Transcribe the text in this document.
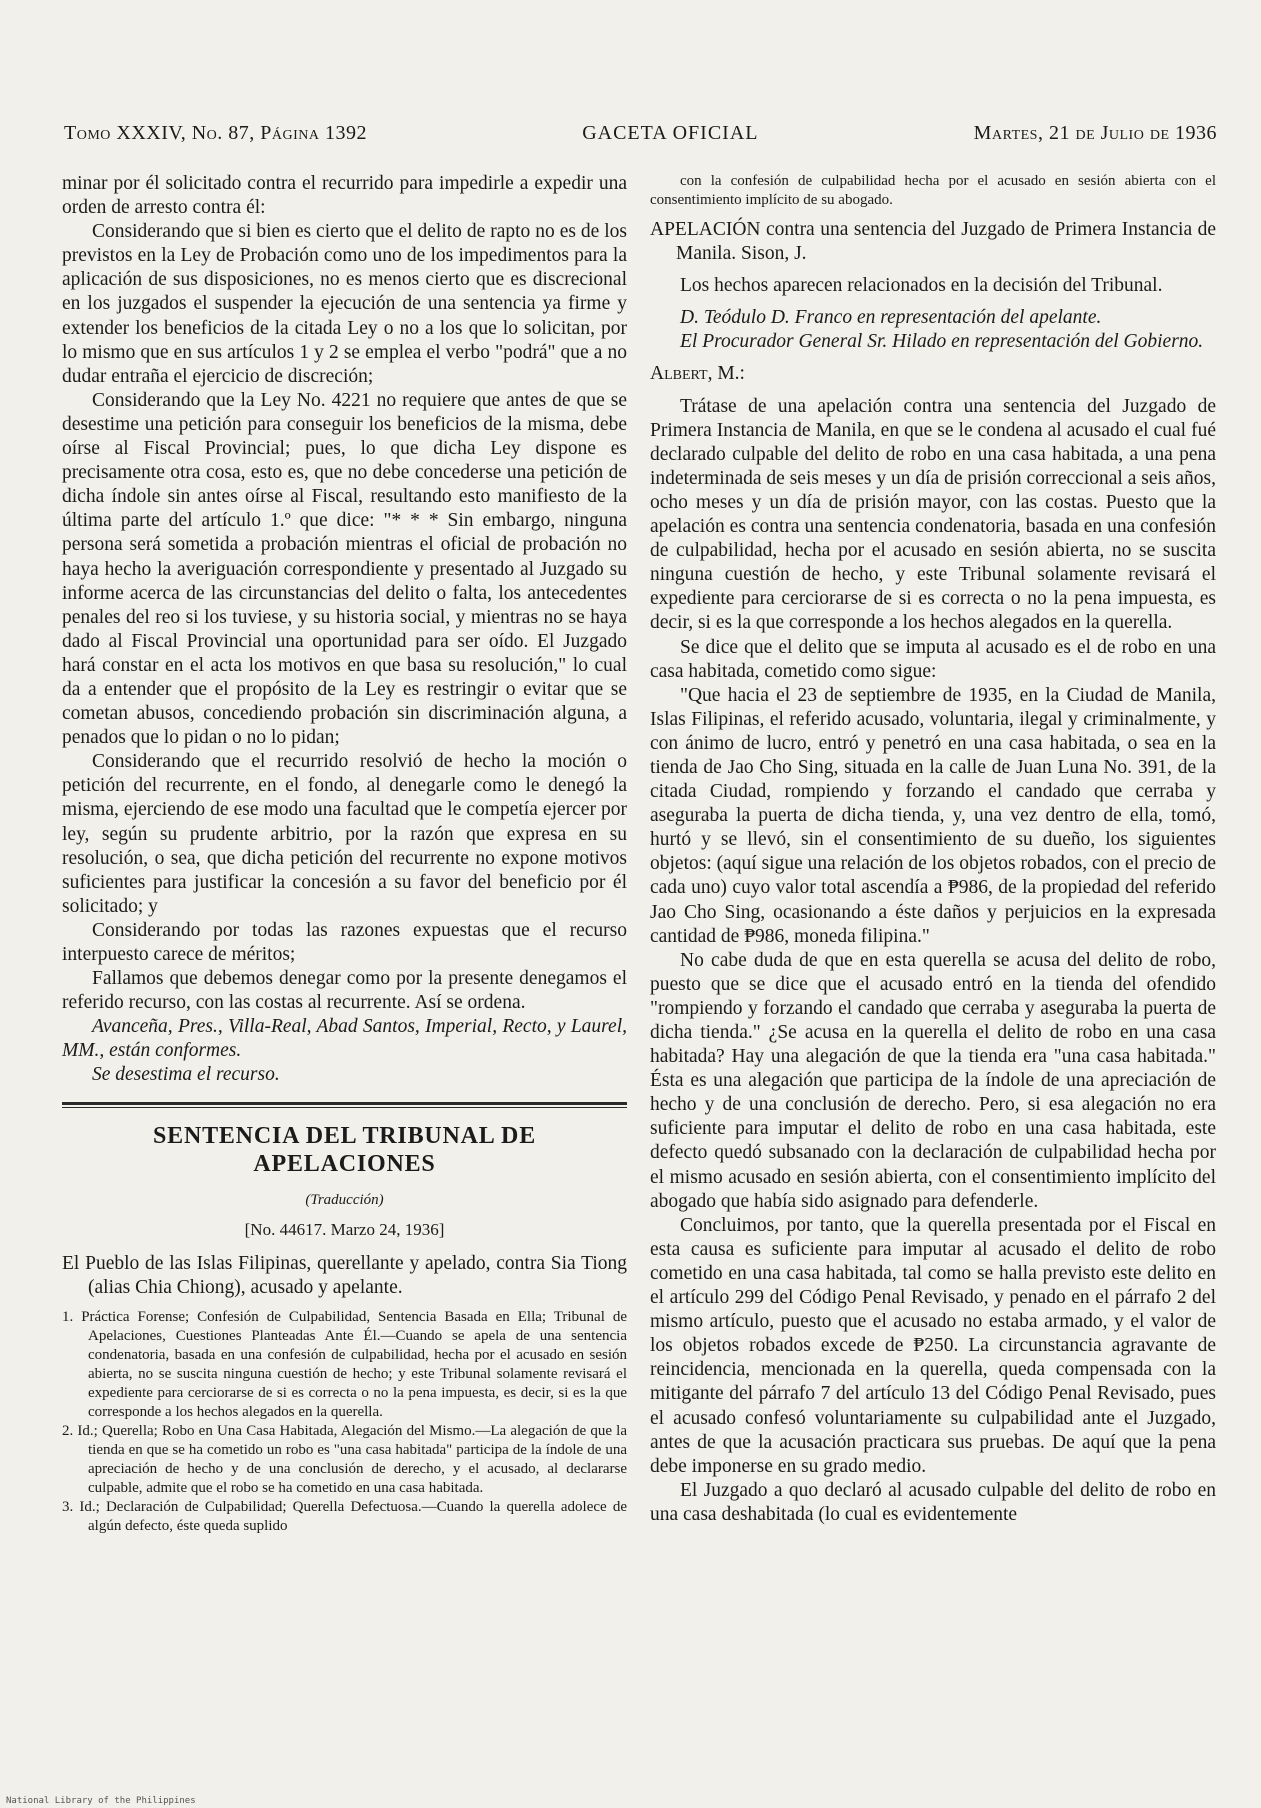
Tomo XXXIV, No. 87, Página 1392	GACETA OFICIAL	Martes, 21 de Julio de 1936

minar por él solicitado contra el recurrido para impedirle a expedir una orden de arresto contra él:

Considerando que si bien es cierto que el delito de rapto no es de los previstos en la Ley de Probación como uno de los impedimentos para la aplicación de sus disposiciones, no es menos cierto que es discrecional en los juzgados el suspender la ejecución de una sentencia ya firme y extender los beneficios de la citada Ley o no a los que lo solicitan, por lo mismo que en sus artículos 1 y 2 se emplea el verbo "podrá" que a no dudar entraña el ejercicio de discreción;

Considerando que la Ley No. 4221 no requiere que antes de que se desestime una petición para conseguir los beneficios de la misma, debe oírse al Fiscal Provincial; pues, lo que dicha Ley dispone es precisamente otra cosa, esto es, que no debe concederse una petición de dicha índole sin antes oírse al Fiscal, resultando esto manifiesto de la última parte del artículo 1.º que dice: "* * * Sin embargo, ninguna persona será sometida a probación mientras el oficial de probación no haya hecho la averiguación correspondiente y presentado al Juzgado su informe acerca de las circunstancias del delito o falta, los antecedentes penales del reo si los tuviese, y su historia social, y mientras no se haya dado al Fiscal Provincial una oportunidad para ser oído. El Juzgado hará constar en el acta los motivos en que basa su resolución," lo cual da a entender que el propósito de la Ley es restringir o evitar que se cometan abusos, concediendo probación sin discriminación alguna, a penados que lo pidan o no lo pidan;

Considerando que el recurrido resolvió de hecho la moción o petición del recurrente, en el fondo, al denegarle como le denegó la misma, ejerciendo de ese modo una facultad que le competía ejercer por ley, según su prudente arbitrio, por la razón que expresa en su resolución, o sea, que dicha petición del recurrente no expone motivos suficientes para justificar la concesión a su favor del beneficio por él solicitado; y

Considerando por todas las razones expuestas que el recurso interpuesto carece de méritos;

Fallamos que debemos denegar como por la presente denegamos el referido recurso, con las costas al recurrente. Así se ordena.

Avanceña, Pres., Villa-Real, Abad Santos, Imperial, Recto, y Laurel, MM., están conformes.

Se desestima el recurso.

SENTENCIA DEL TRIBUNAL DE APELACIONES
(Traducción)
[No. 44617. Marzo 24, 1936]

El Pueblo de las Islas Filipinas, querellante y apelado, contra Sia Tiong (alias Chia Chiong), acusado y apelante.

1. Práctica Forense; Confesión de Culpabilidad, Sentencia Basada en Ella; Tribunal de Apelaciones, Cuestiones Planteadas Ante Él.—Cuando se apela de una sentencia condenatoria, basada en una confesión de culpabilidad, hecha por el acusado en sesión abierta, no se suscita ninguna cuestión de hecho; y este Tribunal solamente revisará el expediente para cerciorarse de si es correcta o no la pena impuesta, es decir, si es la que corresponde a los hechos alegados en la querella.

2. Id.; Querella; Robo en Una Casa Habitada, Alegación del Mismo.—La alegación de que la tienda en que se ha cometido un robo es "una casa habitada" participa de la índole de una apreciación de hecho y de una conclusión de derecho, y el acusado, al declararse culpable, admite que el robo se ha cometido en una casa habitada.

3. Id.; Declaración de Culpabilidad; Querella Defectuosa.—Cuando la querella adolece de algún defecto, éste queda suplido

con la confesión de culpabilidad hecha por el acusado en sesión abierta con el consentimiento implícito de su abogado.

APELACIÓN contra una sentencia del Juzgado de Primera Instancia de Manila. Sison, J.

Los hechos aparecen relacionados en la decisión del Tribunal.

D. Teódulo D. Franco en representación del apelante.

El Procurador General Sr. Hilado en representación del Gobierno.

Albert, M.:

Trátase de una apelación contra una sentencia del Juzgado de Primera Instancia de Manila, en que se le condena al acusado el cual fué declarado culpable del delito de robo en una casa habitada, a una pena indeterminada de seis meses y un día de prisión correccional a seis años, ocho meses y un día de prisión mayor, con las costas. Puesto que la apelación es contra una sentencia condenatoria, basada en una confesión de culpabilidad, hecha por el acusado en sesión abierta, no se suscita ninguna cuestión de hecho, y este Tribunal solamente revisará el expediente para cerciorarse de si es correcta o no la pena impuesta, es decir, si es la que corresponde a los hechos alegados en la querella.

Se dice que el delito que se imputa al acusado es el de robo en una casa habitada, cometido como sigue:

"Que hacia el 23 de septiembre de 1935, en la Ciudad de Manila, Islas Filipinas, el referido acusado, voluntaria, ilegal y criminalmente, y con ánimo de lucro, entró y penetró en una casa habitada, o sea en la tienda de Jao Cho Sing, situada en la calle de Juan Luna No. 391, de la citada Ciudad, rompiendo y forzando el candado que cerraba y aseguraba la puerta de dicha tienda, y, una vez dentro de ella, tomó, hurtó y se llevó, sin el consentimiento de su dueño, los siguientes objetos: (aquí sigue una relación de los objetos robados, con el precio de cada uno) cuyo valor total ascendía a ₱986, de la propiedad del referido Jao Cho Sing, ocasionando a éste daños y perjuicios en la expresada cantidad de ₱986, moneda filipina."

No cabe duda de que en esta querella se acusa del delito de robo, puesto que se dice que el acusado entró en la tienda del ofendido "rompiendo y forzando el candado que cerraba y aseguraba la puerta de dicha tienda." ¿Se acusa en la querella el delito de robo en una casa habitada? Hay una alegación de que la tienda era "una casa habitada." Ésta es una alegación que participa de la índole de una apreciación de hecho y de una conclusión de derecho. Pero, si esa alegación no era suficiente para imputar el delito de robo en una casa habitada, este defecto quedó subsanado con la declaración de culpabilidad hecha por el mismo acusado en sesión abierta, con el consentimiento implícito del abogado que había sido asignado para defenderle.

Concluimos, por tanto, que la querella presentada por el Fiscal en esta causa es suficiente para imputar al acusado el delito de robo cometido en una casa habitada, tal como se halla previsto este delito en el artículo 299 del Código Penal Revisado, y penado en el párrafo 2 del mismo artículo, puesto que el acusado no estaba armado, y el valor de los objetos robados excede de ₱250. La circunstancia agravante de reincidencia, mencionada en la querella, queda compensada con la mitigante del párrafo 7 del artículo 13 del Código Penal Revisado, pues el acusado confesó voluntariamente su culpabilidad ante el Juzgado, antes de que la acusación practicara sus pruebas. De aquí que la pena debe imponerse en su grado medio.

El Juzgado a quo declaró al acusado culpable del delito de robo en una casa deshabitada (lo cual es evidentemente

National Library of the Philippines
